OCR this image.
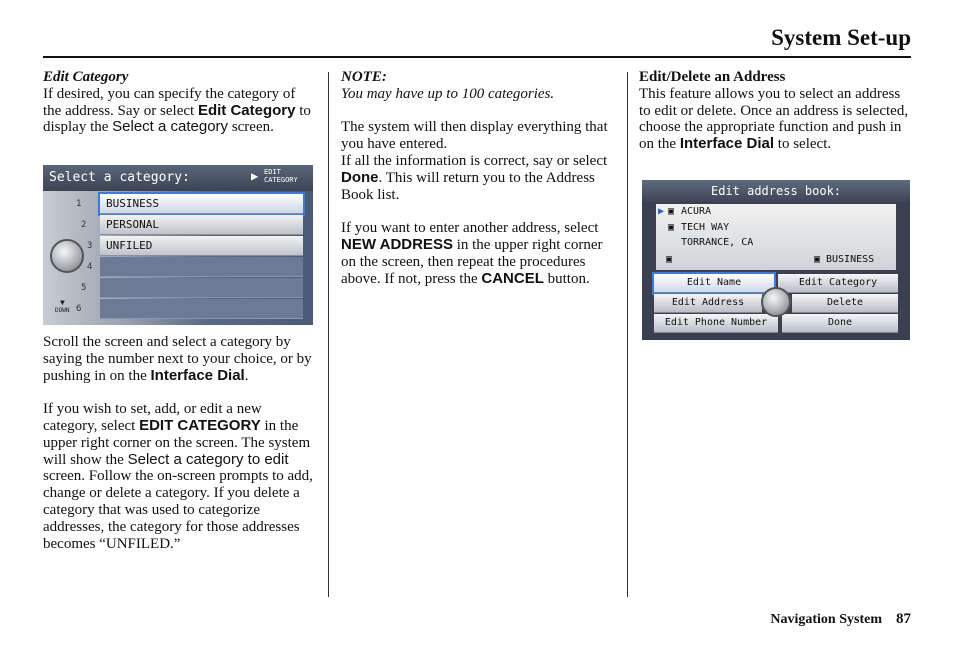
System Set-up

Edit Category

If desired, you can specify the category of the address. Say or select Edit Category to display the Select a category screen.

Select a category:	▶ EDIT
CATEGORY
BUSINESS
PERSONAL
UNFILED
1
2
3
4
5
6
▼
DOWN

Scroll the screen and select a category by saying the number next to your choice, or by pushing in on the Interface Dial.

If you wish to set, add, or edit a new category, select EDIT CATEGORY in the upper right corner on the screen. The system will show the Select a category to edit screen. Follow the on-screen prompts to add, change or delete a category. If you delete a category that was used to categorize addresses, the category for those addresses becomes “UNFILED.”

NOTE:

You may have up to 100 categories.

The system will then display everything that you have entered.

If all the information is correct, say or select Done. This will return you to the Address Book list.

If you want to enter another address, select NEW ADDRESS in the upper right corner on the screen, then repeat the procedures above. If not, press the CANCEL button.

Edit/Delete an Address

This feature allows you to select an address to edit or delete. Once an address is selected, choose the appropriate function and push in on the Interface Dial to select.

Edit address book:
▶ ▣ ACURA
▣ TECH WAY
TORRANCE, CA
▣	▣ BUSINESS
Edit Name	Edit Category
Edit Address	Delete
Edit Phone Number	Done
Navigation System 87
